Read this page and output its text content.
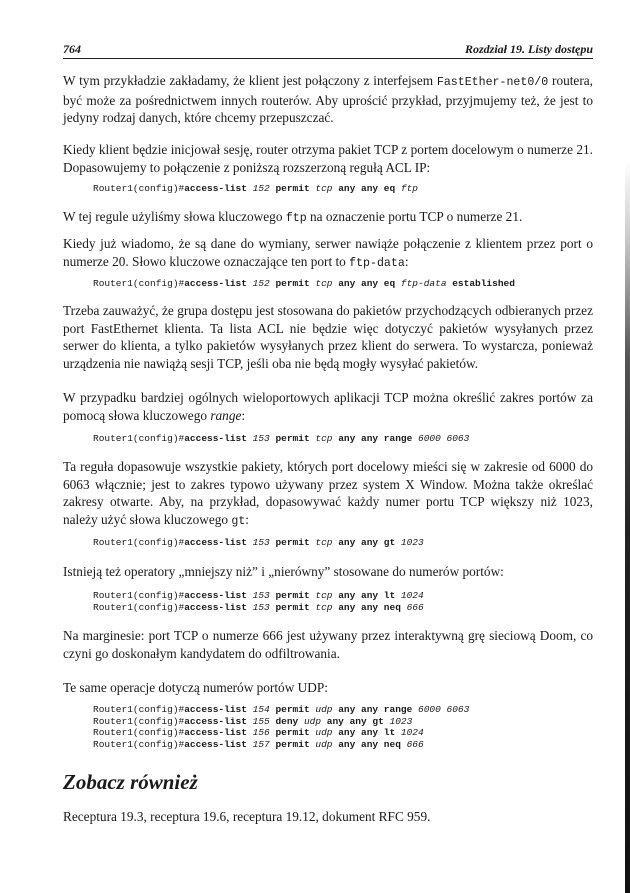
764	Rozdział 19. Listy dostępu

W tym przykładzie zakładamy, że klient jest połączony z interfejsem FastEther-net0/0 routera, być może za pośrednictwem innych routerów. Aby uprościć przykład, przyjmujemy też, że jest to jedyny rodzaj danych, które chcemy przepuszczać.

Kiedy klient będzie inicjował sesję, router otrzyma pakiet TCP z portem docelowym o numerze 21. Dopasowujemy to połączenie z poniższą rozszerzoną regułą ACL IP:

Router1(config)#access-list 152 permit tcp any any eq ftp

W tej regule użyliśmy słowa kluczowego ftp na oznaczenie portu TCP o numerze 21.

Kiedy już wiadomo, że są dane do wymiany, serwer nawiąże połączenie z klientem przez port o numerze 20. Słowo kluczowe oznaczające ten port to ftp-data:

Router1(config)#access-list 152 permit tcp any any eq ftp-data established

Trzeba zauważyć, że grupa dostępu jest stosowana do pakietów przychodzących odbieranych przez port FastEthernet klienta. Ta lista ACL nie będzie więc dotyczyć pakietów wysyłanych przez serwer do klienta, a tylko pakietów wysyłanych przez klient do serwera. To wystarcza, ponieważ urządzenia nie nawiążą sesji TCP, jeśli oba nie będą mogły wysyłać pakietów.

W przypadku bardziej ogólnych wieloportowych aplikacji TCP można określić zakres portów za pomocą słowa kluczowego range:

Router1(config)#access-list 153 permit tcp any any range 6000 6063

Ta reguła dopasowuje wszystkie pakiety, których port docelowy mieści się w zakresie od 6000 do 6063 włącznie; jest to zakres typowo używany przez system X Window. Można także określać zakresy otwarte. Aby, na przykład, dopasowywać każdy numer portu TCP większy niż 1023, należy użyć słowa kluczowego gt:

Router1(config)#access-list 153 permit tcp any any gt 1023

Istnieją też operatory „mniejszy niż” i „nierówny” stosowane do numerów portów:

Router1(config)#access-list 153 permit tcp any any lt 1024
Router1(config)#access-list 153 permit tcp any any neq 666

Na marginesie: port TCP o numerze 666 jest używany przez interaktywną grę sieciową Doom, co czyni go doskonałym kandydatem do odfiltrowania.

Te same operacje dotyczą numerów portów UDP:

Router1(config)#access-list 154 permit udp any any range 6000 6063
Router1(config)#access-list 155 deny udp any any gt 1023
Router1(config)#access-list 156 permit udp any any lt 1024
Router1(config)#access-list 157 permit udp any any neq 666
Zobacz również

Receptura 19.3, receptura 19.6, receptura 19.12, dokument RFC 959.
